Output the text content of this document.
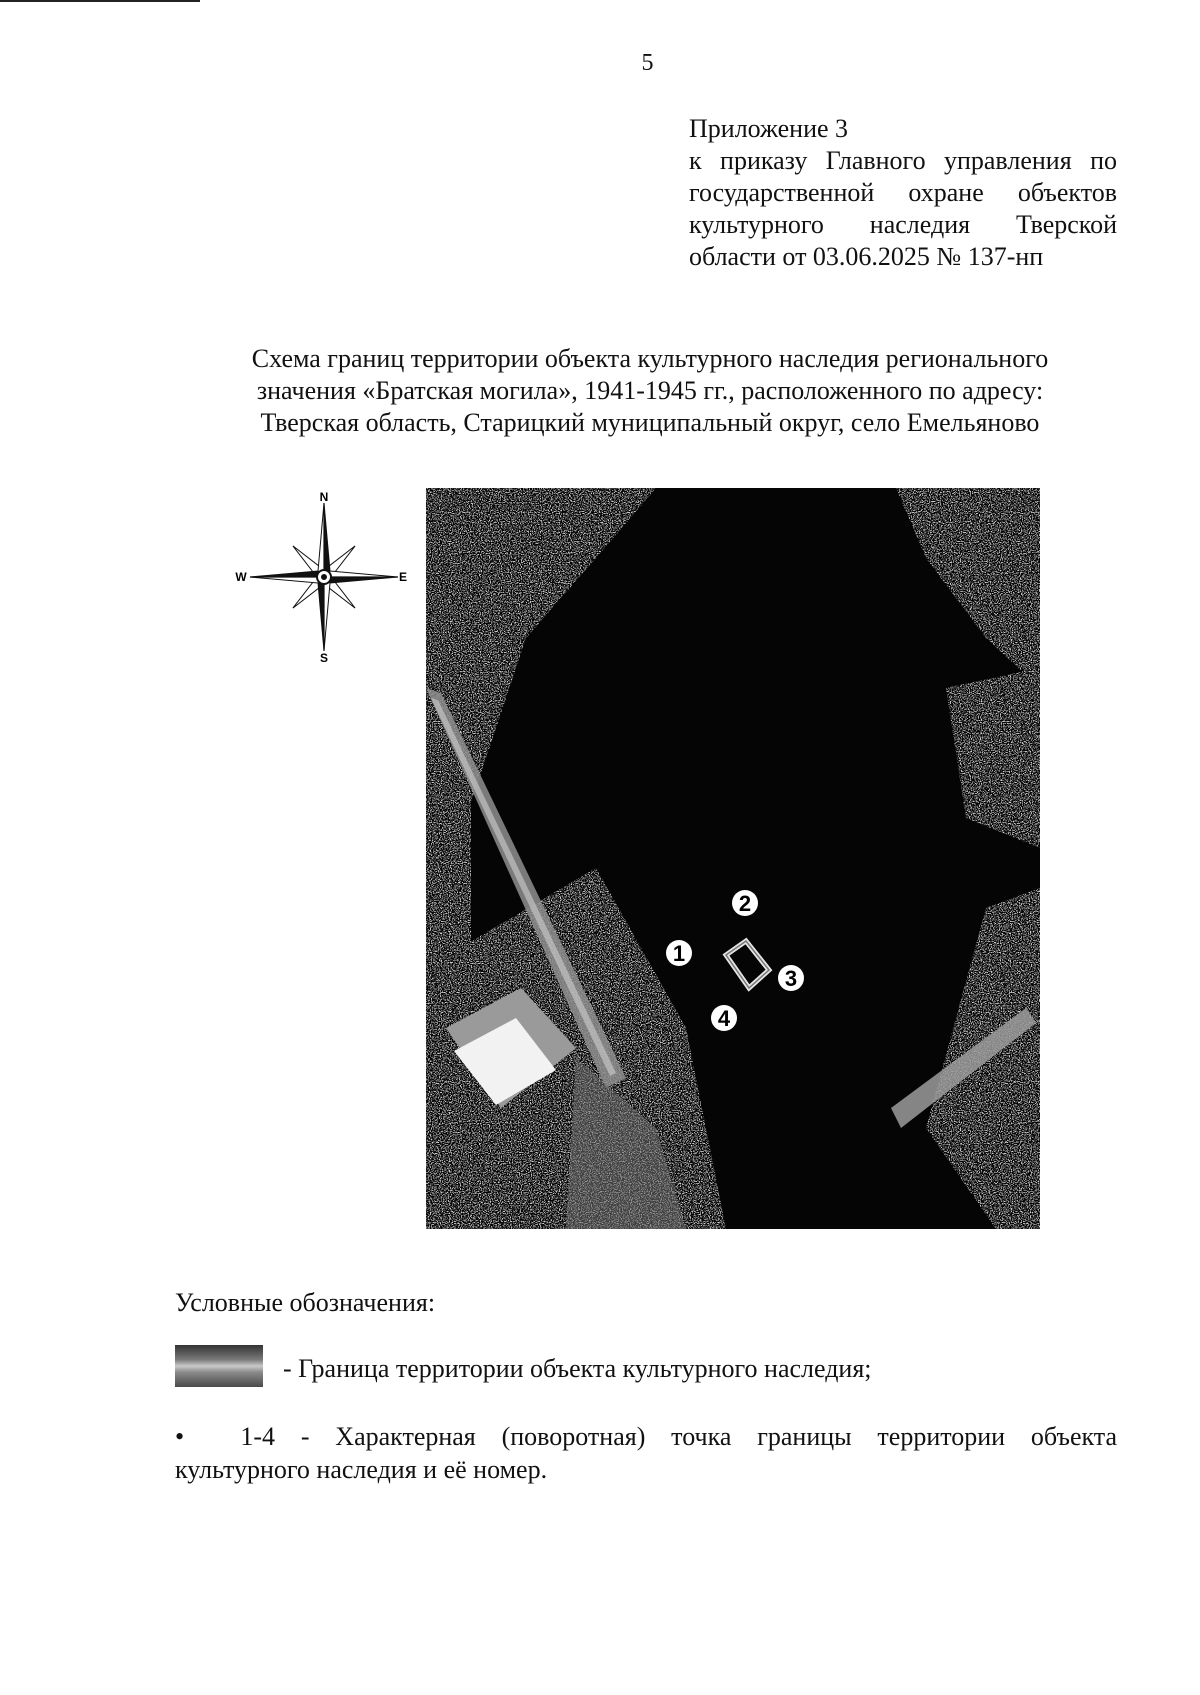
5
Приложение 3
к приказу Главного управления по
государственной охране объектов
культурного наследия Тверской
области от 03.06.2025 № 137-нп
Схема границ территории объекта культурного наследия регионального
значения «Братская могила», 1941-1945 гг., расположенного по адресу:
Тверская область, Старицкий муниципальный округ, село Емельяново
N
S
W	E
1
2
3
4
Условные обозначения:
- Граница территории объекта культурного наследия;
• 1-4 - Характерная (поворотная) точка границы территории объекта
культурного наследия и её номер.
